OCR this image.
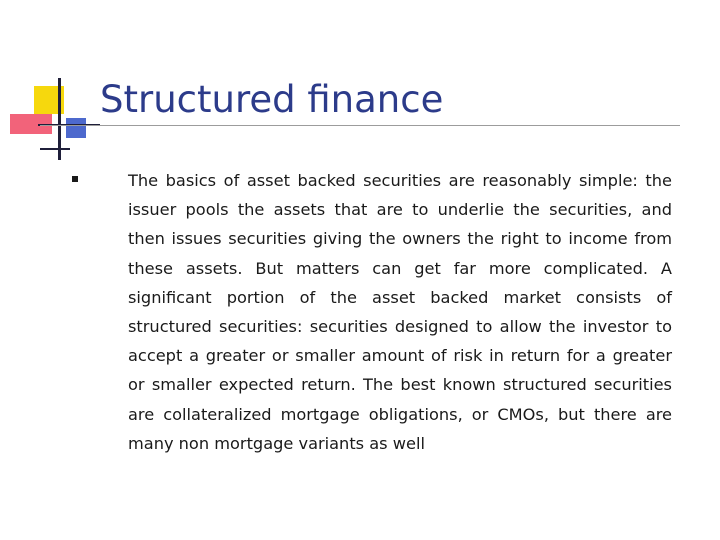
Structured finance
The basics of asset backed securities are reasonably simple: the issuer pools the assets that are to underlie the securities, and then issues securities giving the owners the right to income from these assets. But matters can get far more complicated. A significant portion of the asset backed market consists of structured securities: securities designed to allow the investor to accept a greater or smaller amount of risk in return for a greater or smaller expected return. The best known structured securities are collateralized mortgage obligations, or CMOs, but there are many non mortgage variants as well
